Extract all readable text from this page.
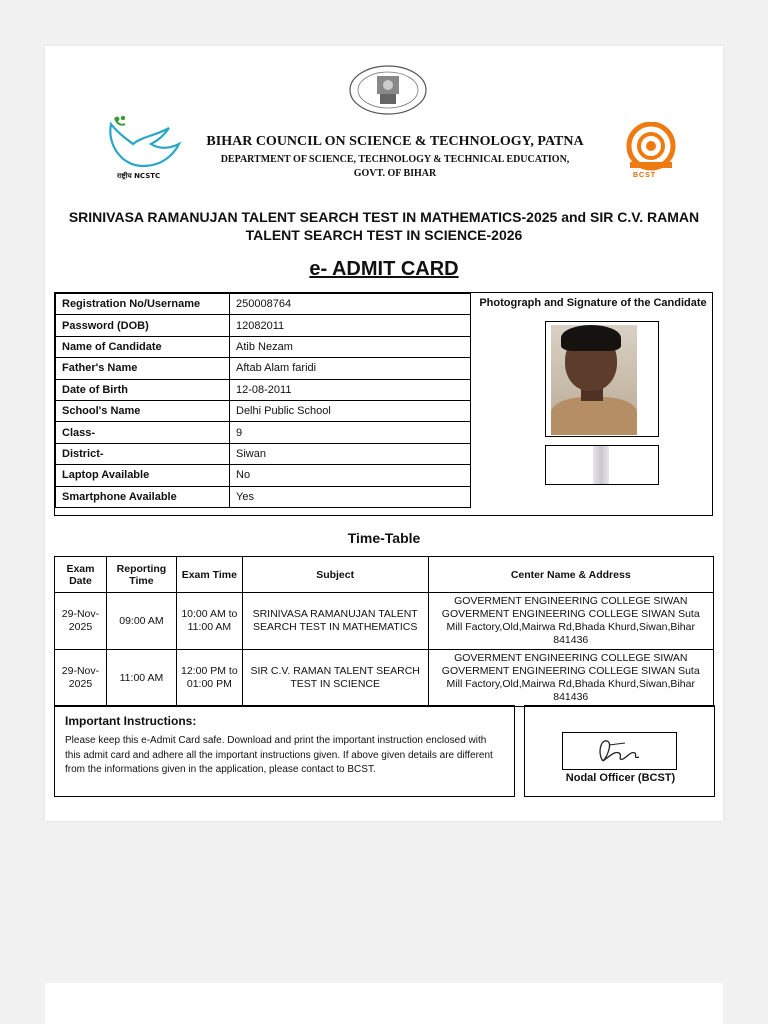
राष्ट्रीय NCSTC
BIHAR COUNCIL ON SCIENCE & TECHNOLOGY, PATNA
DEPARTMENT OF SCIENCE, TECHNOLOGY & TECHNICAL EDUCATION,
GOVT. OF BIHAR	BCST
SRINIVASA RAMANUJAN TALENT SEARCH TEST IN MATHEMATICS-2025 and SIR C.V. RAMAN TALENT SEARCH TEST IN SCIENCE-2026
e- ADMIT CARD
Registration No/Username	250008764
Password (DOB)	12082011
Name of Candidate	Atib Nezam
Father's Name	Aftab Alam faridi
Date of Birth	12-08-2011
School's Name	Delhi Public School
Class-	9
District-	Siwan
Laptop Available	No
Smartphone Available	Yes
Photograph and Signature of the Candidate
Time-Table
Exam Date	Reporting Time	Exam Time	Subject	Center Name & Address
29-Nov-2025	09:00 AM	10:00 AM to 11:00 AM	SRINIVASA RAMANUJAN TALENT SEARCH TEST IN MATHEMATICS	GOVERMENT ENGINEERING COLLEGE SIWAN GOVERMENT ENGINEERING COLLEGE SIWAN Suta Mill Factory,Old,Mairwa Rd,Bhada Khurd,Siwan,Bihar 841436
29-Nov-2025	11:00 AM	12:00 PM to 01:00 PM	SIR C.V. RAMAN TALENT SEARCH TEST IN SCIENCE	GOVERMENT ENGINEERING COLLEGE SIWAN GOVERMENT ENGINEERING COLLEGE SIWAN Suta Mill Factory,Old,Mairwa Rd,Bhada Khurd,Siwan,Bihar 841436
Important Instructions:
Please keep this e-Admit Card safe. Download and print the important instruction enclosed with this admit card and adhere all the important instructions given. If above given details are different from the informations given in the application, please contact to BCST.
Nodal Officer (BCST)
